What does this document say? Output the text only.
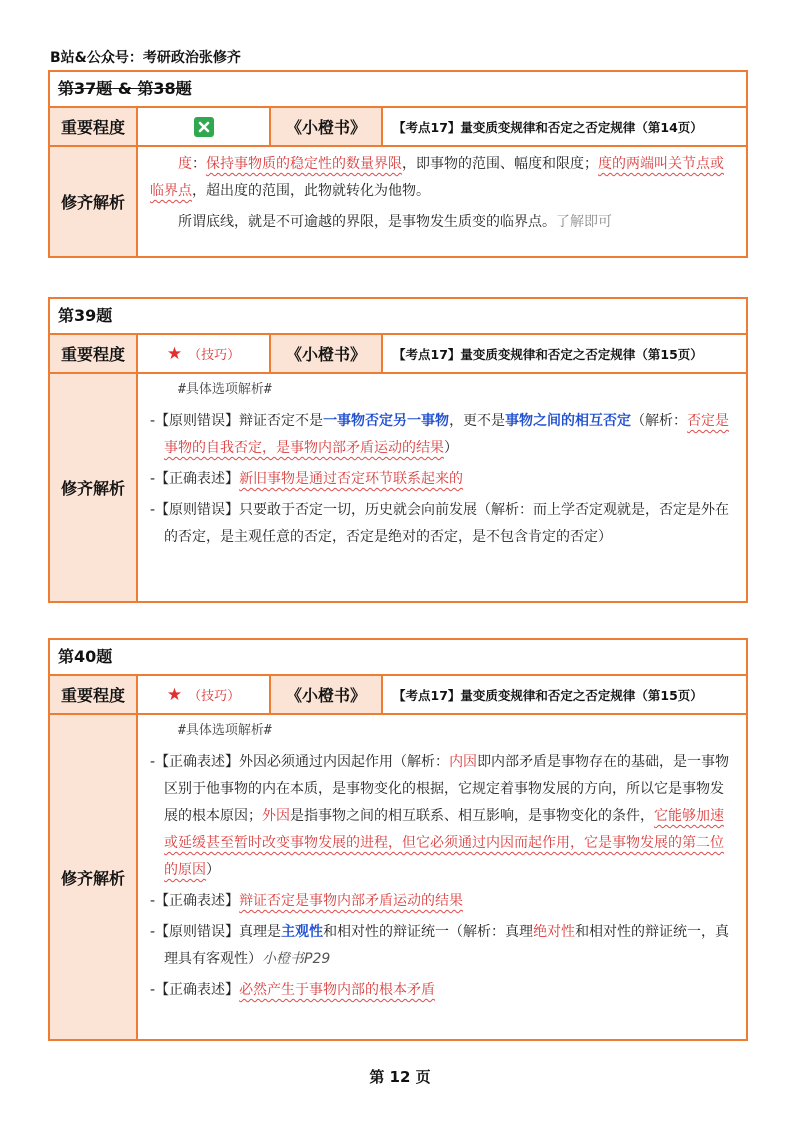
B站&公众号：考研政治张修齐
第37题 & 第38题
重要程度	《小橙书》	【考点17】量变质变规律和否定之否定规律（第14页）
修齐解析

度：保持事物质的稳定性的数量界限，即事物的范围、幅度和限度；度的两端叫关节点或临界点，超出度的范围，此物就转化为他物。

所谓底线，就是不可逾越的界限，是事物发生质变的临界点。了解即可

第39题
重要程度	★ （技巧）	《小橙书》	【考点17】量变质变规律和否定之否定规律（第15页）
修齐解析
#具体选项解析#

-【原则错误】辩证否定不是一事物否定另一事物，更不是事物之间的相互否定（解析：否定是事物的自我否定，是事物内部矛盾运动的结果）

-【正确表述】新旧事物是通过否定环节联系起来的

-【原则错误】只要敢于否定一切，历史就会向前发展（解析：而上学否定观就是，否定是外在的否定，是主观任意的否定，否定是绝对的否定，是不包含肯定的否定）

第40题
重要程度	★ （技巧）	《小橙书》	【考点17】量变质变规律和否定之否定规律（第15页）
修齐解析
#具体选项解析#

-【正确表述】外因必须通过内因起作用（解析：内因即内部矛盾是事物存在的基础，是一事物区别于他事物的内在本质，是事物变化的根据，它规定着事物发展的方向，所以它是事物发展的根本原因；外因是指事物之间的相互联系、相互影响，是事物变化的条件，它能够加速或延缓甚至暂时改变事物发展的进程，但它必须通过内因而起作用，它是事物发展的第二位的原因）

-【正确表述】辩证否定是事物内部矛盾运动的结果

-【原则错误】真理是主观性和相对性的辩证统一（解析：真理绝对性和相对性的辩证统一，真理具有客观性）小橙书P29

-【正确表述】必然产生于事物内部的根本矛盾

第 12 页
